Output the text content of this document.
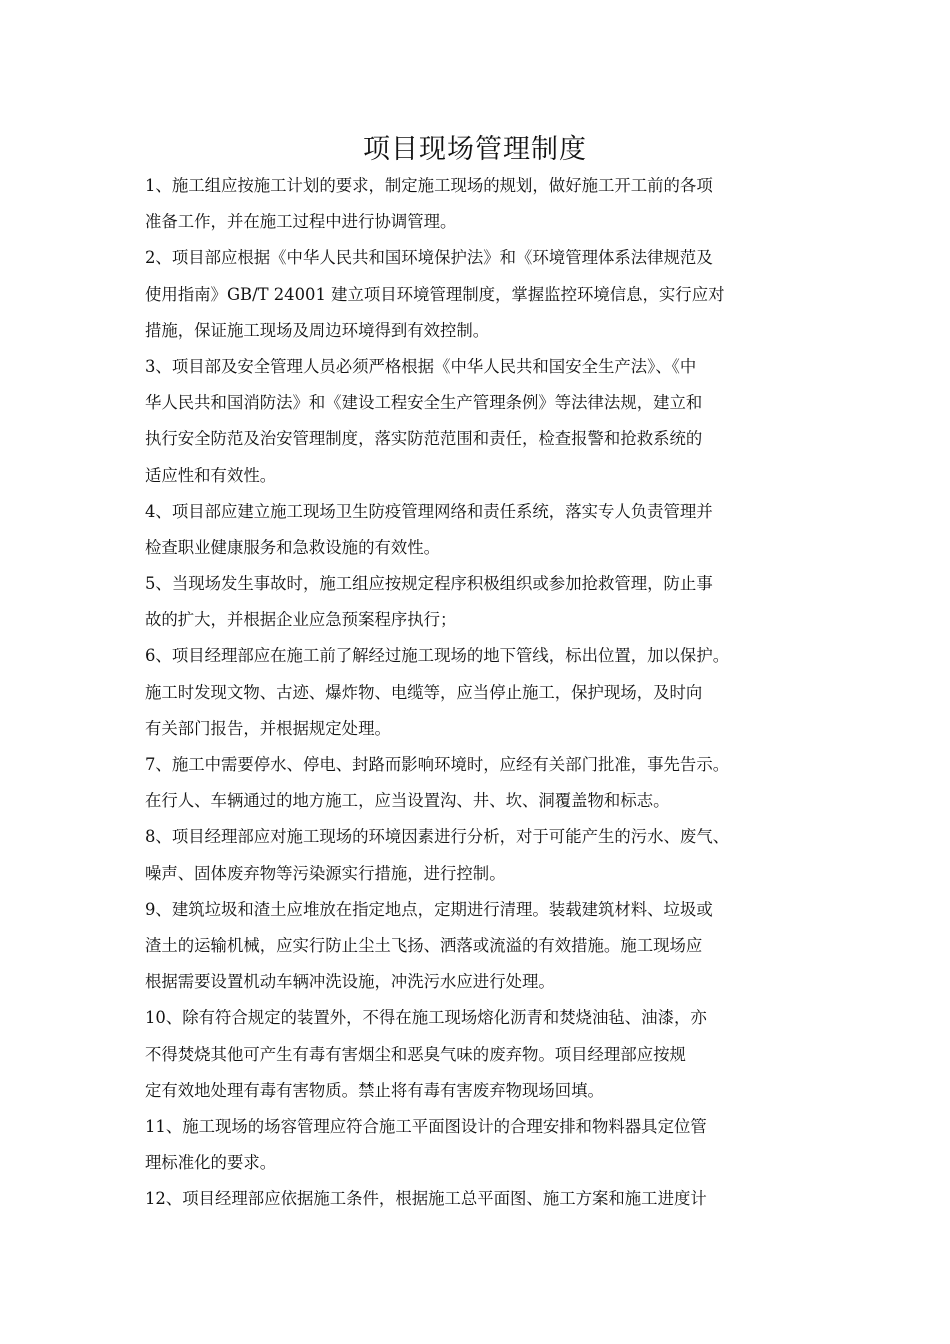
项目现场管理制度
1、施工组应按施工计划的要求，制定施工现场的规划，做好施工开工前的各项
准备工作，并在施工过程中进行协调管理。
2、项目部应根据《中华人民共和国环境保护法》和《环境管理体系法律规范及
使用指南》GB/T 24001 建立项目环境管理制度，掌握监控环境信息，实行应对
措施，保证施工现场及周边环境得到有效控制。
3、项目部及安全管理人员必须严格根据《中华人民共和国安全生产法》、《中
华人民共和国消防法》和《建设工程安全生产管理条例》等法律法规，建立和
执行安全防范及治安管理制度，落实防范范围和责任，检查报警和抢救系统的
适应性和有效性。
4、项目部应建立施工现场卫生防疫管理网络和责任系统，落实专人负责管理并
检查职业健康服务和急救设施的有效性。
5、当现场发生事故时，施工组应按规定程序积极组织或参加抢救管理，防止事
故的扩大，并根据企业应急预案程序执行；
6、项目经理部应在施工前了解经过施工现场的地下管线，标出位置，加以保护。
施工时发现文物、古迹、爆炸物、电缆等，应当停止施工，保护现场，及时向
有关部门报告，并根据规定处理。
7、施工中需要停水、停电、封路而影响环境时，应经有关部门批准，事先告示。
在行人、车辆通过的地方施工，应当设置沟、井、坎、洞覆盖物和标志。
8、项目经理部应对施工现场的环境因素进行分析，对于可能产生的污水、废气、
噪声、固体废弃物等污染源实行措施，进行控制。
9、建筑垃圾和渣土应堆放在指定地点，定期进行清理。装载建筑材料、垃圾或
渣土的运输机械，应实行防止尘土飞扬、洒落或流溢的有效措施。施工现场应
根据需要设置机动车辆冲洗设施，冲洗污水应进行处理。
10、除有符合规定的装置外，不得在施工现场熔化沥青和焚烧油毡、油漆，亦
不得焚烧其他可产生有毒有害烟尘和恶臭气味的废弃物。项目经理部应按规
定有效地处理有毒有害物质。禁止将有毒有害废弃物现场回填。
11、施工现场的场容管理应符合施工平面图设计的合理安排和物料器具定位管
理标准化的要求。
12、项目经理部应依据施工条件，根据施工总平面图、施工方案和施工进度计
